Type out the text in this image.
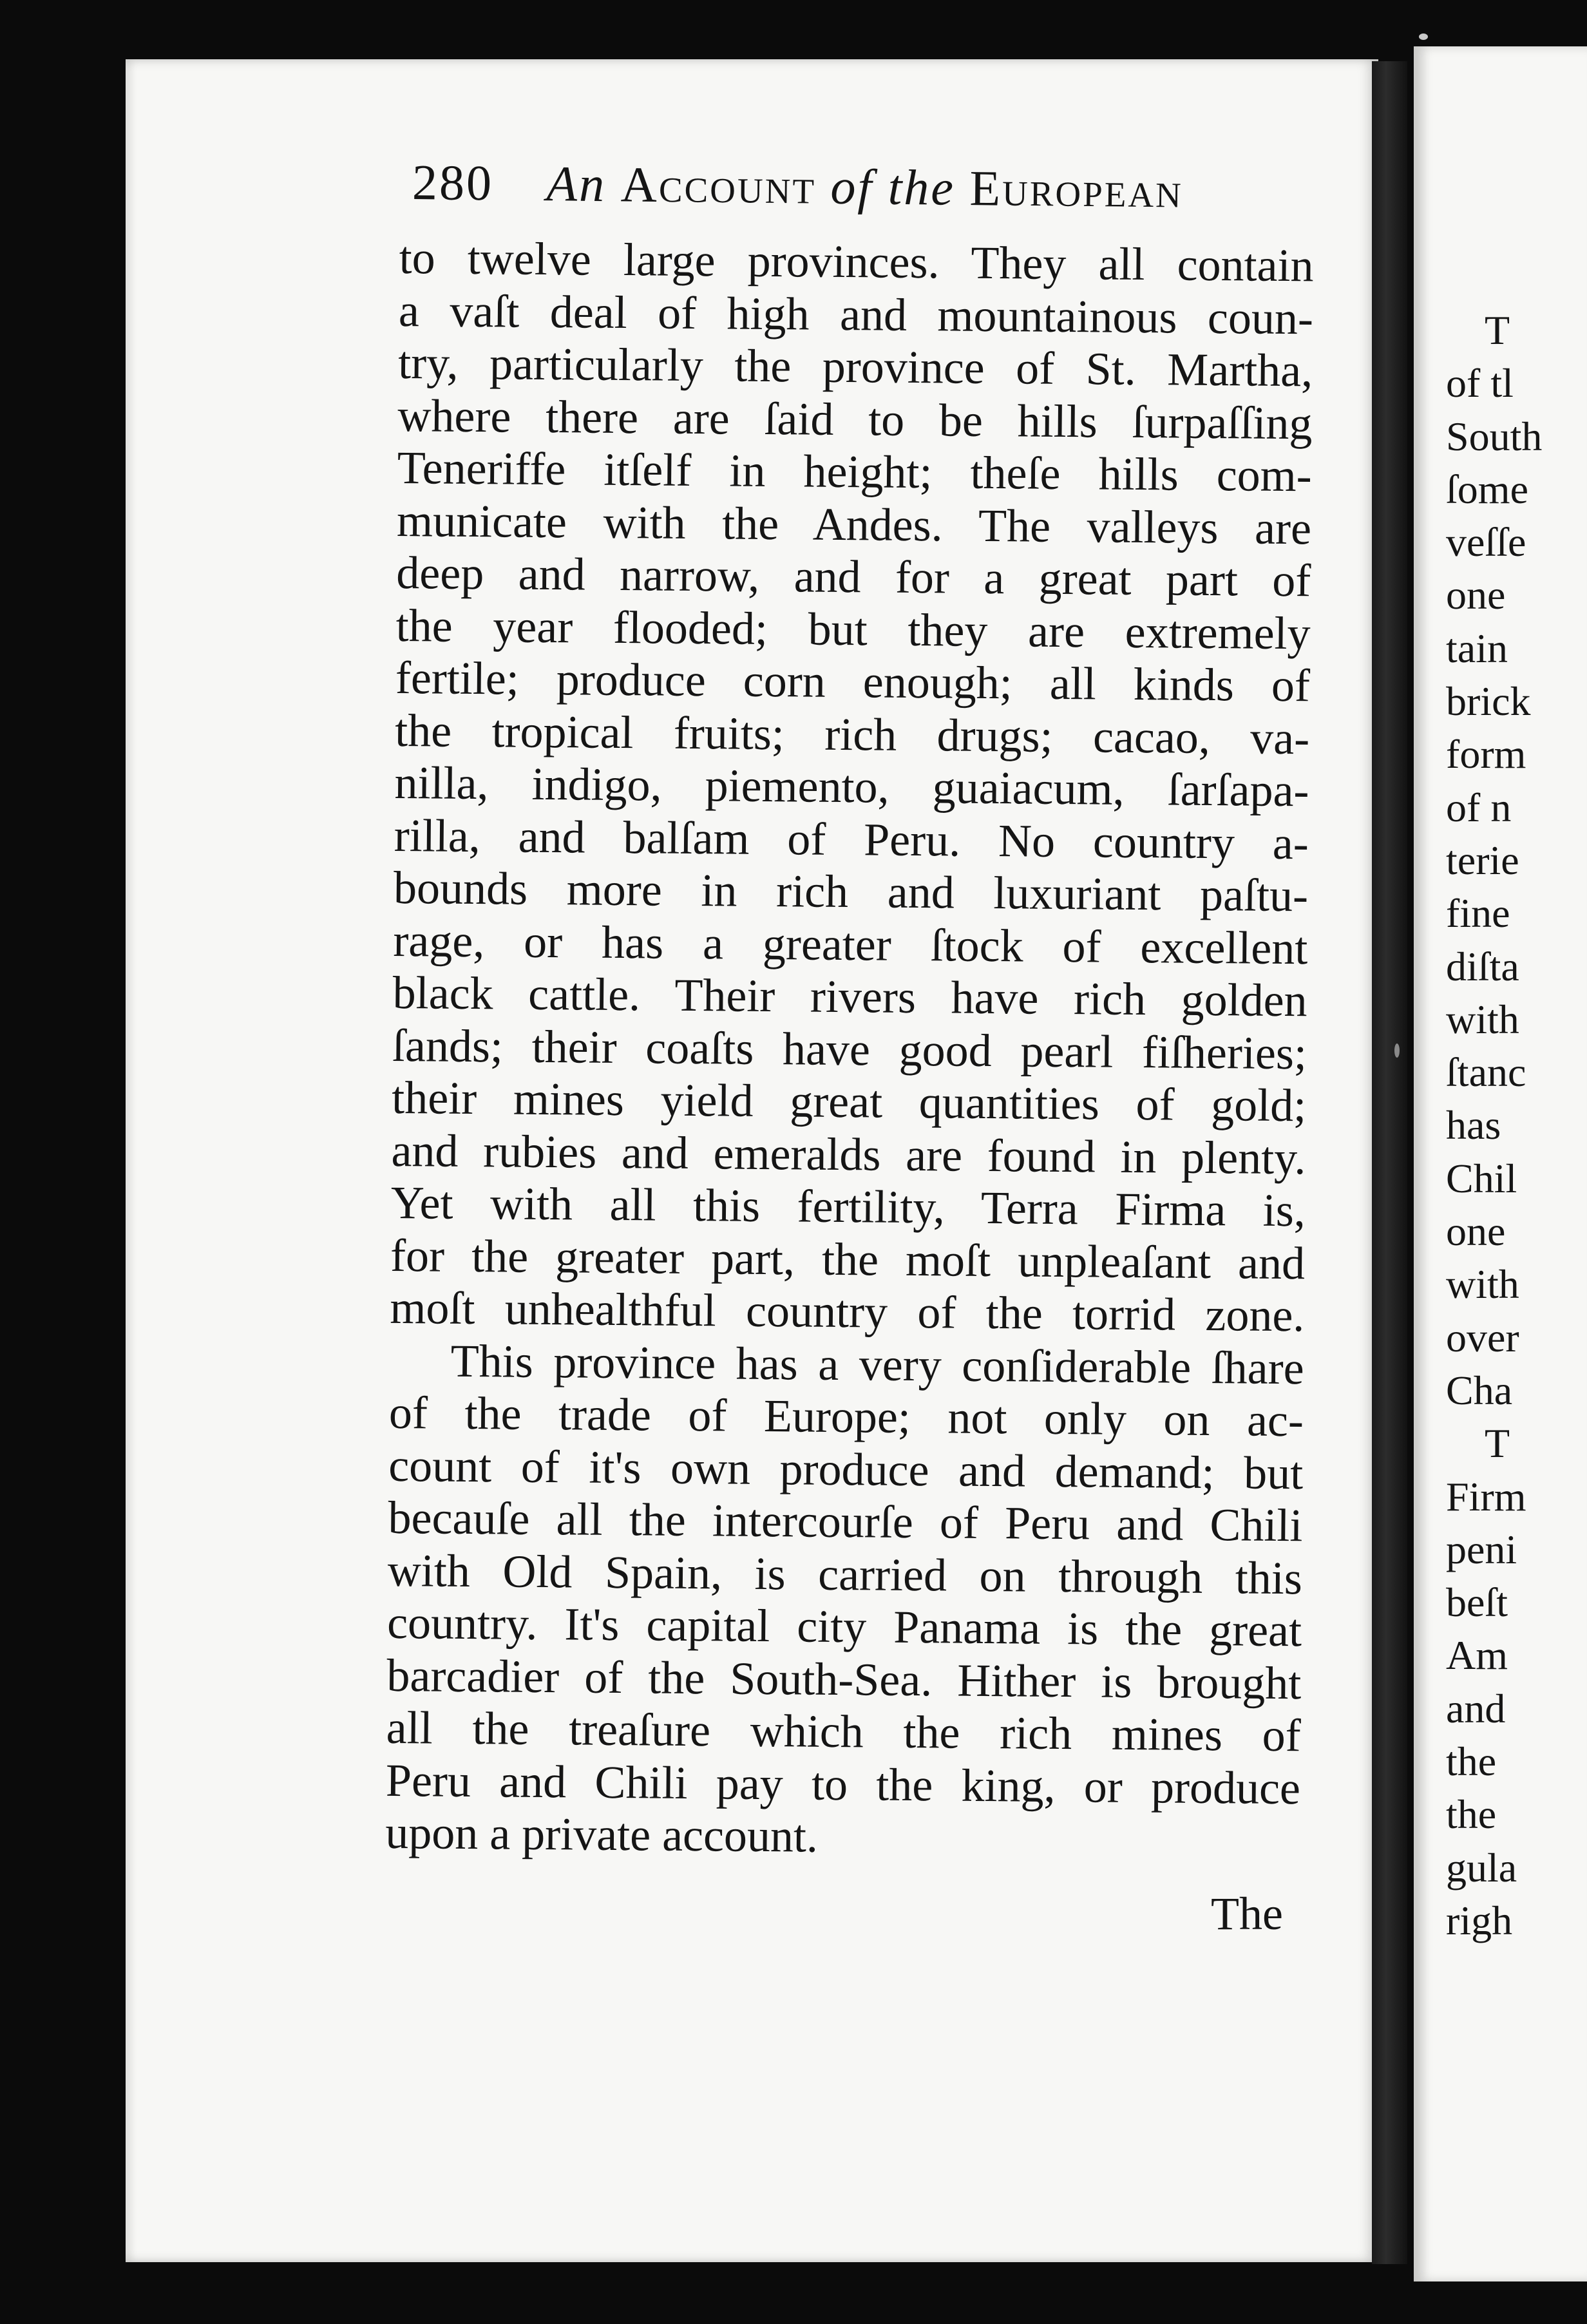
280 An Account of the European
to twelve large provinces. They all contain
a vaſt deal of high and mountainous coun-
try, particularly the province of St. Martha,
where there are ſaid to be hills ſurpaſſing
Teneriffe itſelf in height; theſe hills com-
municate with the Andes. The valleys are
deep and narrow, and for a great part of
the year flooded; but they are extremely
fertile; produce corn enough; all kinds of
the tropical fruits; rich drugs; cacao, va-
nilla, indigo, piemento, guaiacum, ſarſapa-
rilla, and balſam of Peru. No country a-
bounds more in rich and luxuriant paſtu-
rage, or has a greater ſtock of excellent
black cattle. Their rivers have rich golden
ſands; their coaſts have good pearl fiſheries;
their mines yield great quantities of gold;
and rubies and emeralds are found in plenty.
Yet with all this fertility, Terra Firma is,
for the greater part, the moſt unpleaſant and
moſt unhealthful country of the torrid zone.
This province has a very conſiderable ſhare
of the trade of Europe; not only on ac-
count of it's own produce and demand; but
becauſe all the intercourſe of Peru and Chili
with Old Spain, is carried on through this
country. It's capital city Panama is the great
barcadier of the South-Sea. Hither is brought
all the treaſure which the rich mines of
Peru and Chili pay to the king, or produce
upon a private account.
The
T
of tl
South
ſome
veſſe
one
tain
brick
form
of n
terie
fine
diſta
with
ſtanc
has
Chil
one
with
over
Cha
T
Firm
peni
beſt
Am
and
the
the
gula
righ
